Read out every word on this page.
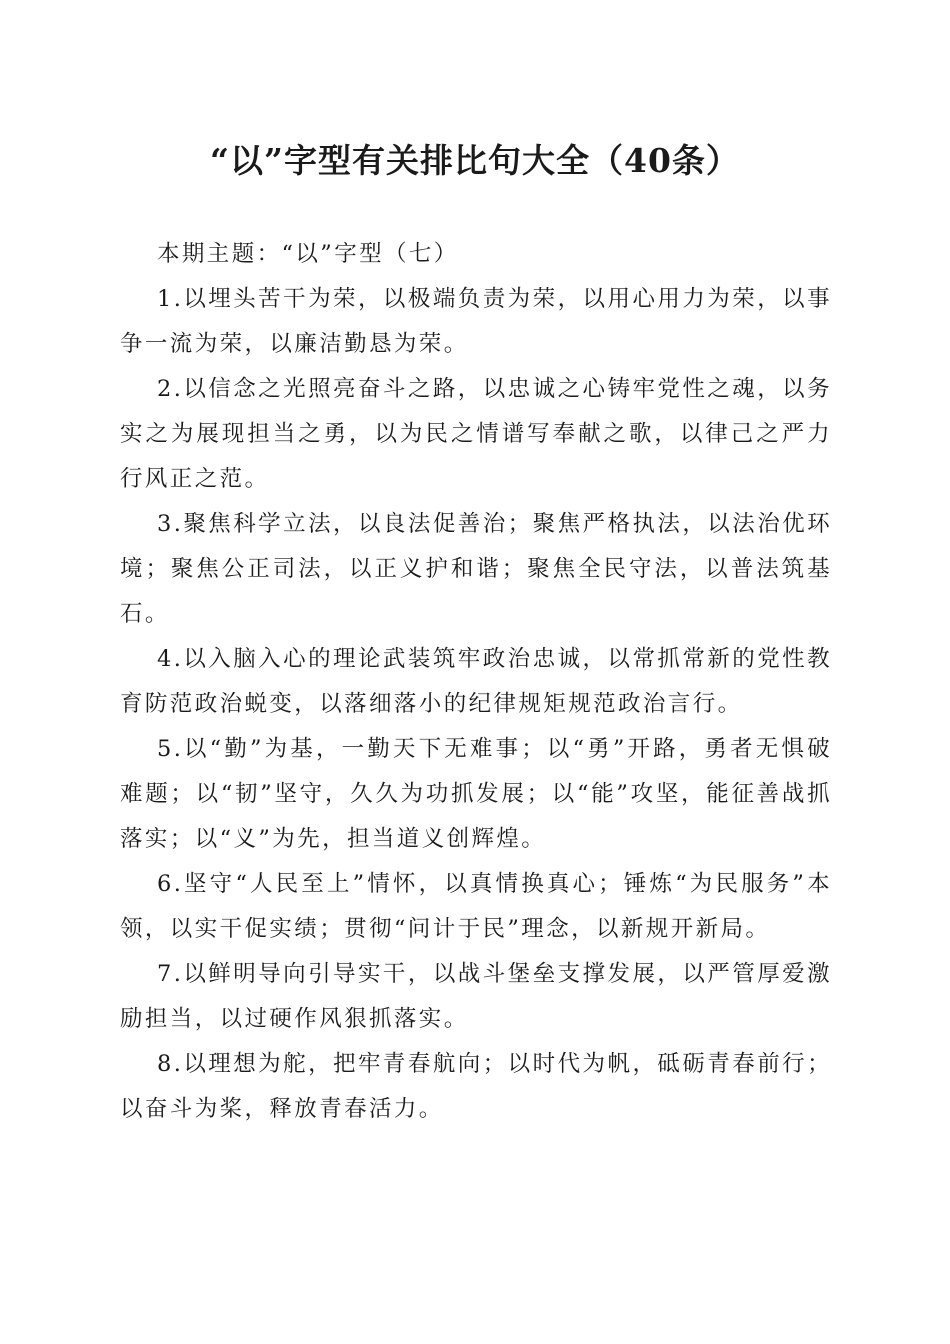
“以”字型有关排比句大全（40条）

本期主题：“以”字型（七）

1.以埋头苦干为荣，以极端负责为荣，以用心用力为荣，以事争一流为荣，以廉洁勤恳为荣。

2.以信念之光照亮奋斗之路，以忠诚之心铸牢党性之魂，以务实之为展现担当之勇，以为民之情谱写奉献之歌，以律己之严力行风正之范。

3.聚焦科学立法，以良法促善治；聚焦严格执法，以法治优环境；聚焦公正司法，以正义护和谐；聚焦全民守法，以普法筑基石。

4.以入脑入心的理论武装筑牢政治忠诚，以常抓常新的党性教育防范政治蜕变，以落细落小的纪律规矩规范政治言行。

5.以“勤”为基，一勤天下无难事；以“勇”开路，勇者无惧破难题；以“韧”坚守，久久为功抓发展；以“能”攻坚，能征善战抓落实；以“义”为先，担当道义创辉煌。

6.坚守“人民至上”情怀，以真情换真心；锤炼“为民服务”本领，以实干促实绩；贯彻“问计于民”理念，以新规开新局。

7.以鲜明导向引导实干，以战斗堡垒支撑发展，以严管厚爱激励担当，以过硬作风狠抓落实。

8.以理想为舵，把牢青春航向；以时代为帆，砥砺青春前行；以奋斗为桨，释放青春活力。
